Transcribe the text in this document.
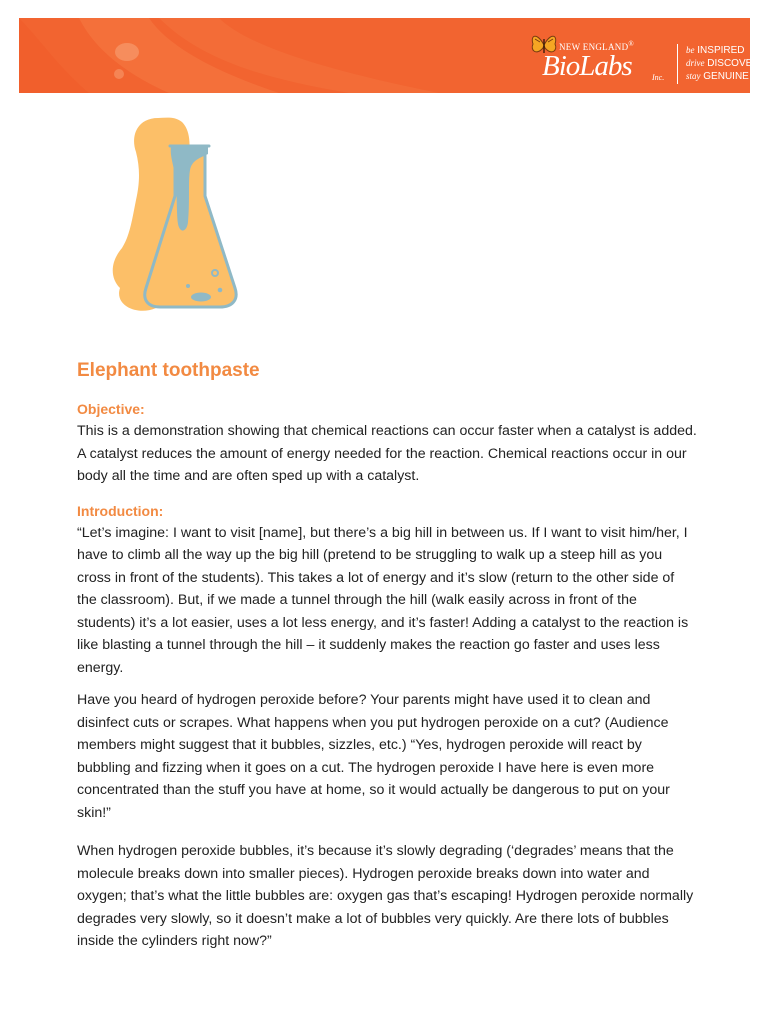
NEW ENGLAND®
BioLabs	Inc.
be INSPIRED
drive DISCOVERY
stay GENUINE
Elephant toothpaste
Objective:

This is a demonstration showing that chemical reactions can occur faster when a catalyst is added. A catalyst reduces the amount of energy needed for the reaction. Chemical reactions occur in our body all the time and are often sped up with a catalyst.

Introduction:

“Let’s imagine: I want to visit [name], but there’s a big hill in between us. If I want to visit him/her, I have to climb all the way up the big hill (pretend to be struggling to walk up a steep hill as you cross in front of the students). This takes a lot of energy and it’s slow (return to the other side of the classroom). But, if we made a tunnel through the hill (walk easily across in front of the students) it’s a lot easier, uses a lot less energy, and it’s faster! Adding a catalyst to the reaction is like blasting a tunnel through the hill – it suddenly makes the reaction go faster and uses less energy.

Have you heard of hydrogen peroxide before? Your parents might have used it to clean and disinfect cuts or scrapes. What happens when you put hydrogen peroxide on a cut? (Audience members might suggest that it bubbles, sizzles, etc.) “Yes, hydrogen peroxide will react by bubbling and fizzing when it goes on a cut. The hydrogen peroxide I have here is even more concentrated than the stuff you have at home, so it would actually be dangerous to put on your skin!”

When hydrogen peroxide bubbles, it’s because it’s slowly degrading (‘degrades’ means that the molecule breaks down into smaller pieces). Hydrogen peroxide breaks down into water and oxygen; that’s what the little bubbles are: oxygen gas that’s escaping! Hydrogen peroxide normally degrades very slowly, so it doesn’t make a lot of bubbles very quickly. Are there lots of bubbles inside the cylinders right now?”
